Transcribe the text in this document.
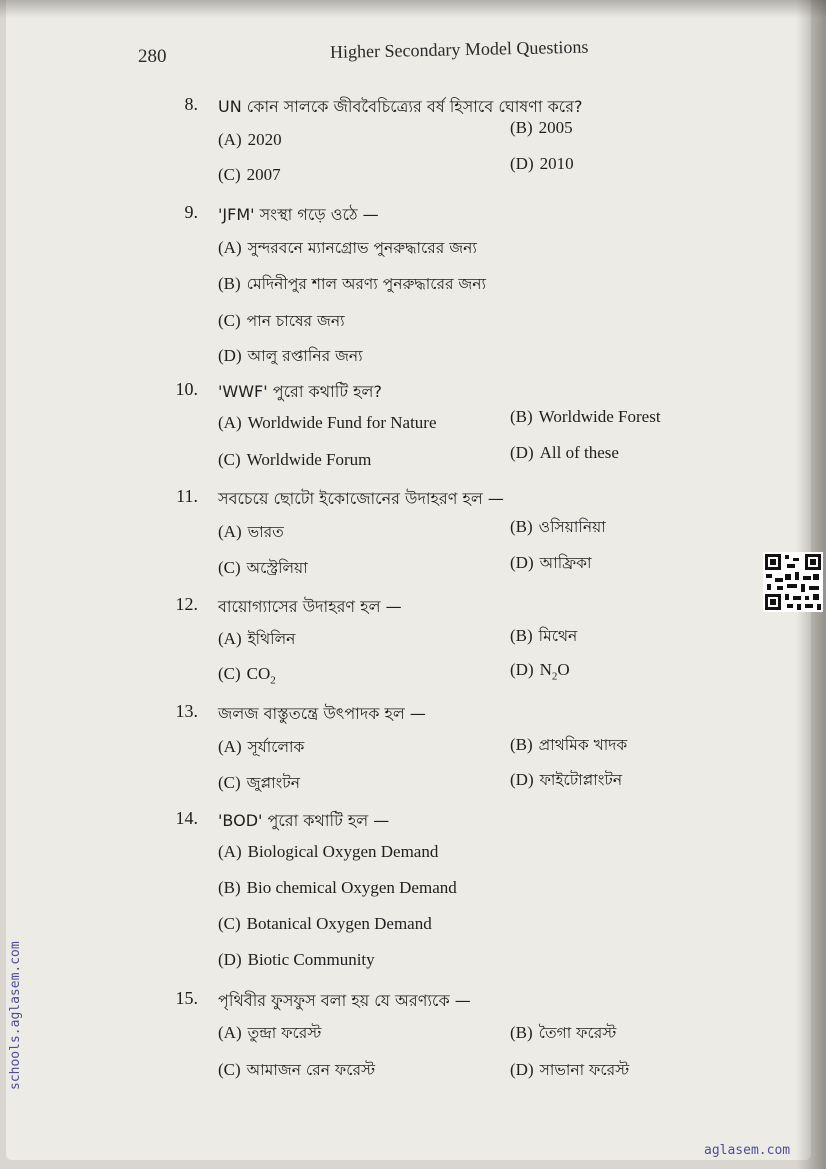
280	Higher Secondary Model Questions
8. UN কোন সালকে জীববৈচিত্র্যের বর্ষ হিসাবে ঘোষণা করে?
(A) 2020
(B) 2005
(C) 2007
(D) 2010
9. 'JFM' সংস্থা গড়ে ওঠে —
(A) সুন্দরবনে ম্যানগ্রোভ পুনরুদ্ধারের জন্য
(B) মেদিনীপুর শাল অরণ্য পুনরুদ্ধারের জন্য
(C) পান চাষের জন্য
(D) আলু রপ্তানির জন্য
10. 'WWF' পুরো কথাটি হল?
(A) Worldwide Fund for Nature	(B) Worldwide Forest
(C) Worldwide Forum	(D) All of these
11. সবচেয়ে ছোটো ইকোজোনের উদাহরণ হল —
(A) ভারত	(B) ওসিয়ানিয়া
(C) অস্ট্রেলিয়া	(D) আফ্রিকা
12. বায়োগ্যাসের উদাহরণ হল —
(A) ইথিলিন	(B) মিথেন
(C) $CO_2$
(D) $N_2O$
13. জলজ বাস্তুতন্ত্রে উৎপাদক হল —
(A) সূর্যালোক	(B) প্রাথমিক খাদক
(C) জুপ্লাংটন	(D) ফাইটোপ্লাংটন
14. 'BOD' পুরো কথাটি হল —
(A) Biological Oxygen Demand
(B) Bio chemical Oxygen Demand
(C) Botanical Oxygen Demand
(D) Biotic Community
15. পৃথিবীর ফুসফুস বলা হয় যে অরণ্যকে —
(A) তুন্দ্রা ফরেস্ট	(B) তৈগা ফরেস্ট
(C) আমাজন রেন ফরেস্ট	(D) সাভানা ফরেস্ট
schools.aglasem.com
aglasem.com
